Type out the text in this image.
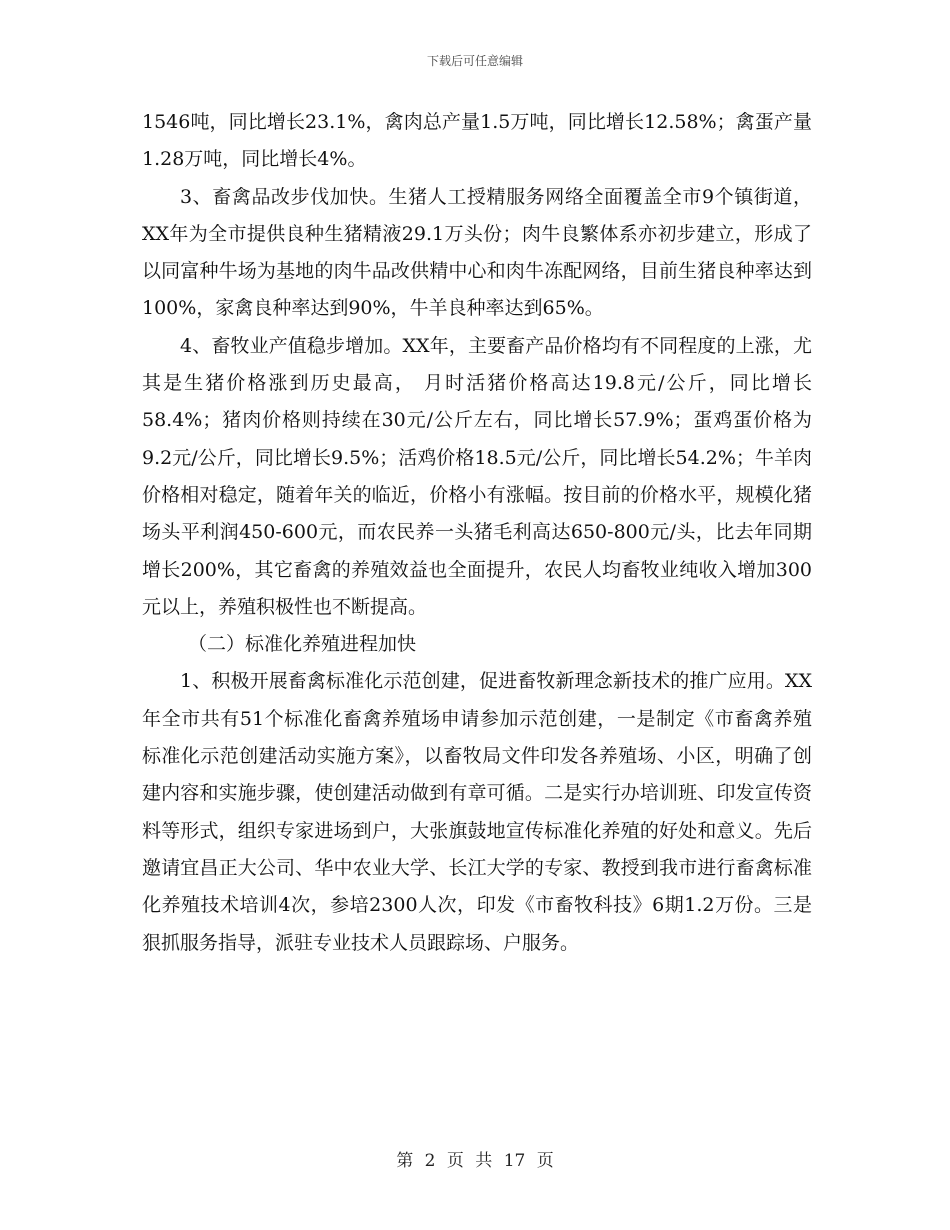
下载后可任意编辑

1546吨，同比增长23.1%，禽肉总产量1.5万吨，同比增长12.58%；禽蛋产量1.28万吨，同比增长4%。

3、畜禽品改步伐加快。生猪人工授精服务网络全面覆盖全市9个镇街道，XX年为全市提供良种生猪精液29.1万头份；肉牛良繁体系亦初步建立，形成了以同富种牛场为基地的肉牛品改供精中心和肉牛冻配网络，目前生猪良种率达到100%，家禽良种率达到90%，牛羊良种率达到65%。

4、畜牧业产值稳步增加。XX年，主要畜产品价格均有不同程度的上涨，尤其是生猪价格涨到历史最高， 月时活猪价格高达19.8元/公斤，同比增长58.4%；猪肉价格则持续在30元/公斤左右，同比增长57.9%；蛋鸡蛋价格为9.2元/公斤，同比增长9.5%；活鸡价格18.5元/公斤，同比增长54.2%；牛羊肉价格相对稳定，随着年关的临近，价格小有涨幅。按目前的价格水平，规模化猪场头平利润450-600元，而农民养一头猪毛利高达650-800元/头，比去年同期增长200%，其它畜禽的养殖效益也全面提升，农民人均畜牧业纯收入增加300元以上，养殖积极性也不断提高。

（二）标准化养殖进程加快

1、积极开展畜禽标准化示范创建，促进畜牧新理念新技术的推广应用。XX年全市共有51个标准化畜禽养殖场申请参加示范创建，一是制定《市畜禽养殖标准化示范创建活动实施方案》，以畜牧局文件印发各养殖场、小区，明确了创建内容和实施步骤，使创建活动做到有章可循。二是实行办培训班、印发宣传资料等形式，组织专家进场到户，大张旗鼓地宣传标准化养殖的好处和意义。先后邀请宜昌正大公司、华中农业大学、长江大学的专家、教授到我市进行畜禽标准化养殖技术培训4次，参培2300人次，印发《市畜牧科技》6期1.2万份。三是狠抓服务指导，派驻专业技术人员跟踪场、户服务。

第 2 页 共 17 页
